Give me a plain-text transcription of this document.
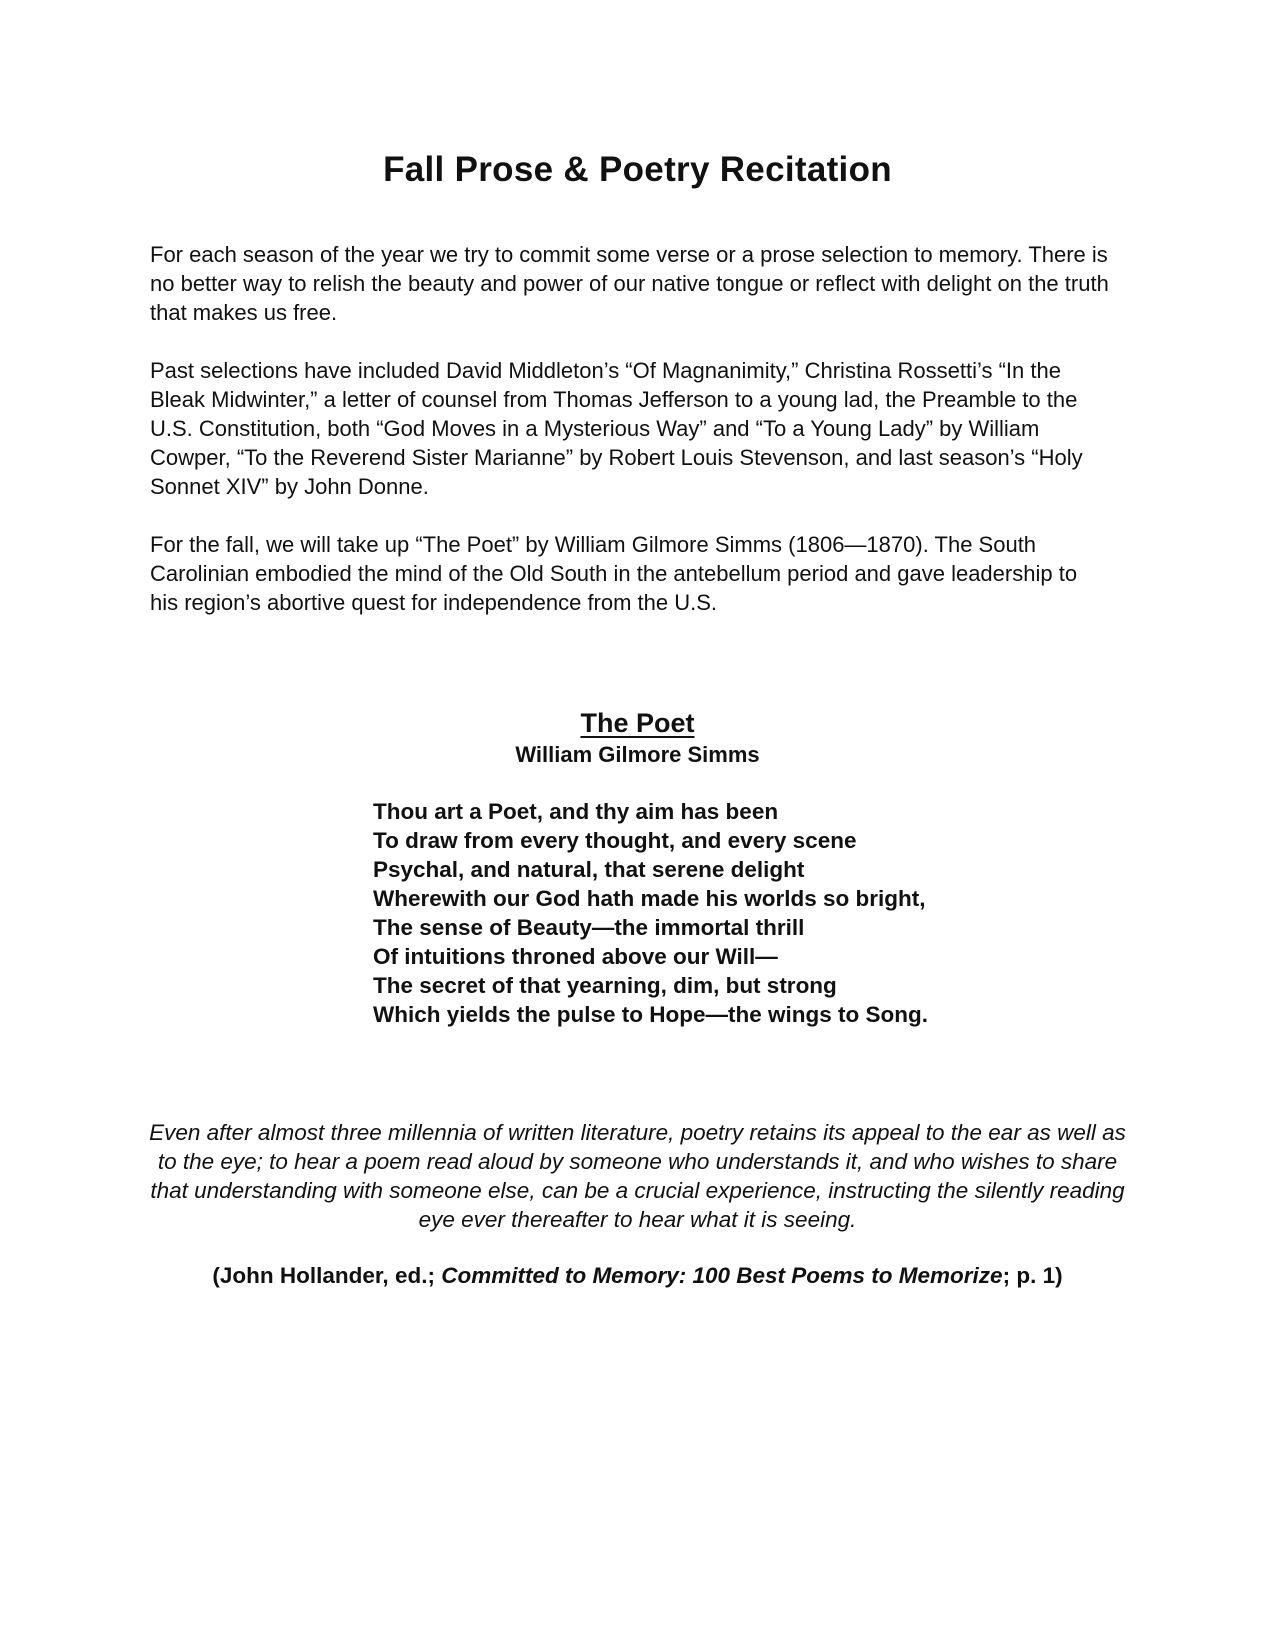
Fall Prose & Poetry Recitation

For each season of the year we try to commit some verse or a prose selection to memory. There is no better way to relish the beauty and power of our native tongue or reflect with delight on the truth that makes us free.

Past selections have included David Middleton’s “Of Magnanimity,” Christina Rossetti’s “In the Bleak Midwinter,” a letter of counsel from Thomas Jefferson to a young lad, the Preamble to the U.S. Constitution, both “God Moves in a Mysterious Way” and “To a Young Lady” by William Cowper, “To the Reverend Sister Marianne” by Robert Louis Stevenson, and last season’s “Holy Sonnet XIV” by John Donne.

For the fall, we will take up “The Poet” by William Gilmore Simms (1806—1870). The South Carolinian embodied the mind of the Old South in the antebellum period and gave leadership to his region’s abortive quest for independence from the U.S.

The Poet
William Gilmore Simms
Thou art a Poet, and thy aim has been
To draw from every thought, and every scene
Psychal, and natural, that serene delight
Wherewith our God hath made his worlds so bright,
The sense of Beauty—the immortal thrill
Of intuitions throned above our Will—
The secret of that yearning, dim, but strong
Which yields the pulse to Hope—the wings to Song.

Even after almost three millennia of written literature, poetry retains its appeal to the ear as well as to the eye; to hear a poem read aloud by someone who understands it, and who wishes to share that understanding with someone else, can be a crucial experience, instructing the silently reading eye ever thereafter to hear what it is seeing.

(John Hollander, ed.; Committed to Memory: 100 Best Poems to Memorize; p. 1)
